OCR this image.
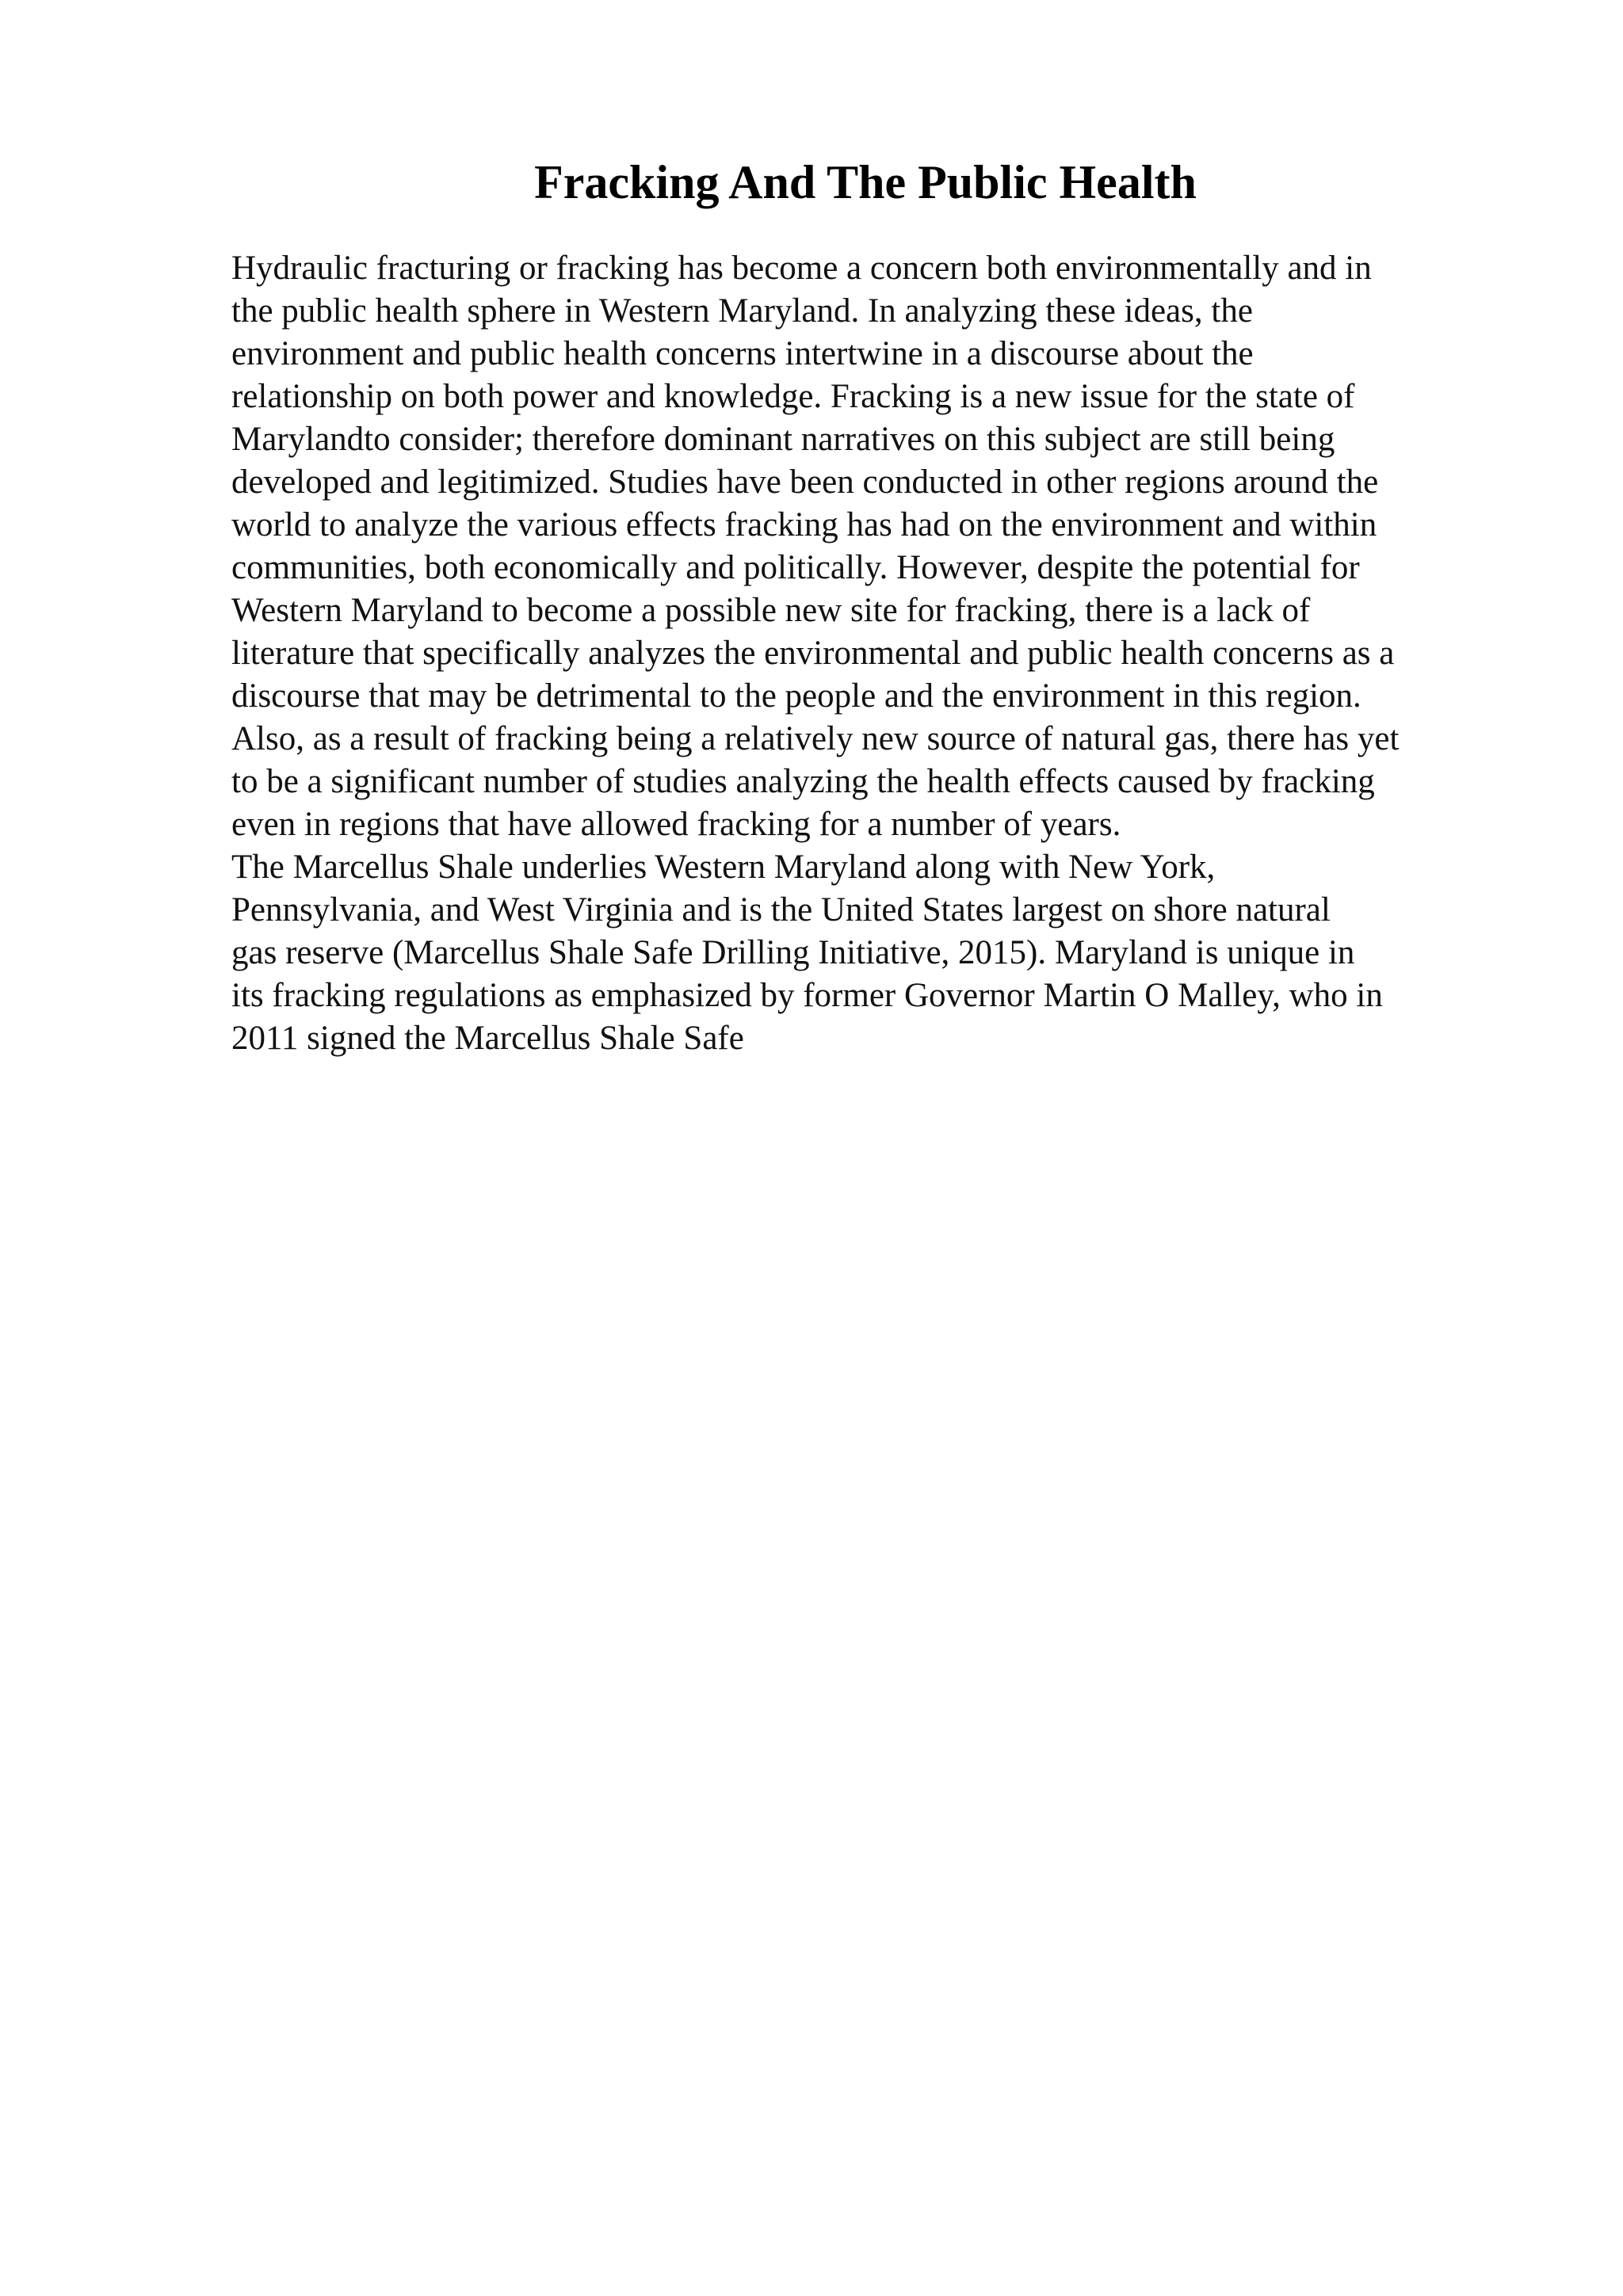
Fracking And The Public Health
Hydraulic fracturing or fracking has become a concern both environmentally and in
the public health sphere in Western Maryland. In analyzing these ideas, the
environment and public health concerns intertwine in a discourse about the
relationship on both power and knowledge. Fracking is a new issue for the state of
Marylandto consider; therefore dominant narratives on this subject are still being
developed and legitimized. Studies have been conducted in other regions around the
world to analyze the various effects fracking has had on the environment and within
communities, both economically and politically. However, despite the potential for
Western Maryland to become a possible new site for fracking, there is a lack of
literature that specifically analyzes the environmental and public health concerns as a
discourse that may be detrimental to the people and the environment in this region.
Also, as a result of fracking being a relatively new source of natural gas, there has yet
to be a significant number of studies analyzing the health effects caused by fracking
even in regions that have allowed fracking for a number of years.
The Marcellus Shale underlies Western Maryland along with New York,
Pennsylvania, and West Virginia and is the United States largest on shore natural
gas reserve (Marcellus Shale Safe Drilling Initiative, 2015). Maryland is unique in
its fracking regulations as emphasized by former Governor Martin O Malley, who in
2011 signed the Marcellus Shale Safe
